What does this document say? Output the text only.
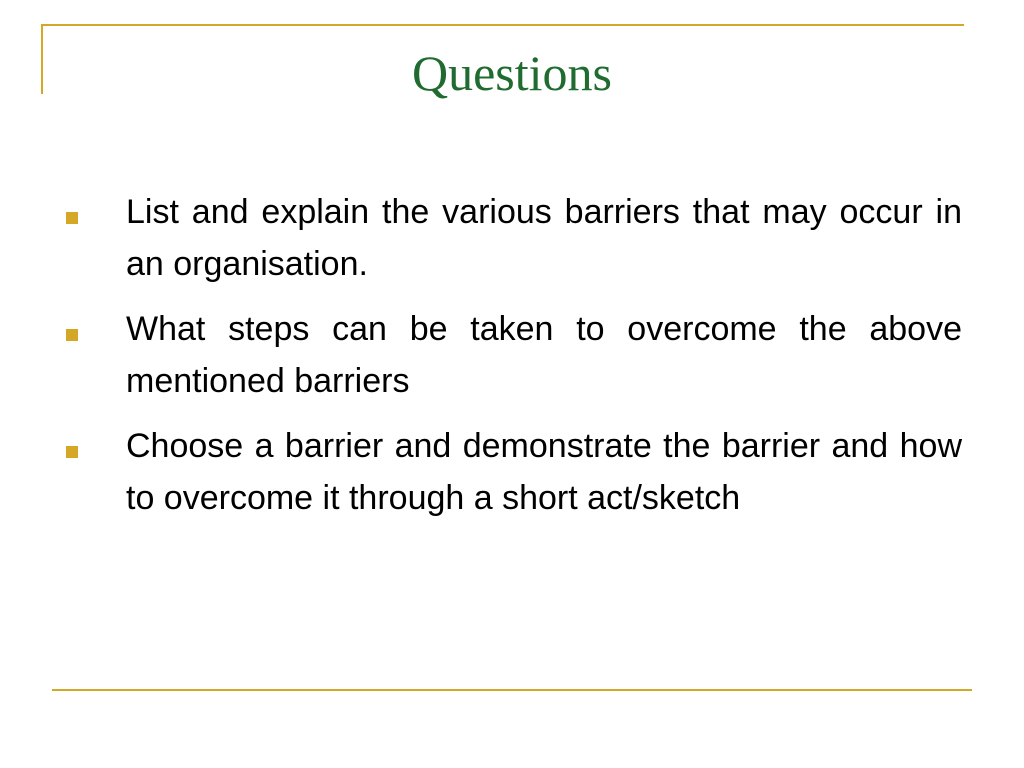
Questions
List and explain the various barriers that may occur in an organisation.
What steps can be taken to overcome the above mentioned barriers
Choose a barrier and demonstrate the barrier and how to overcome it through a short act/sketch
